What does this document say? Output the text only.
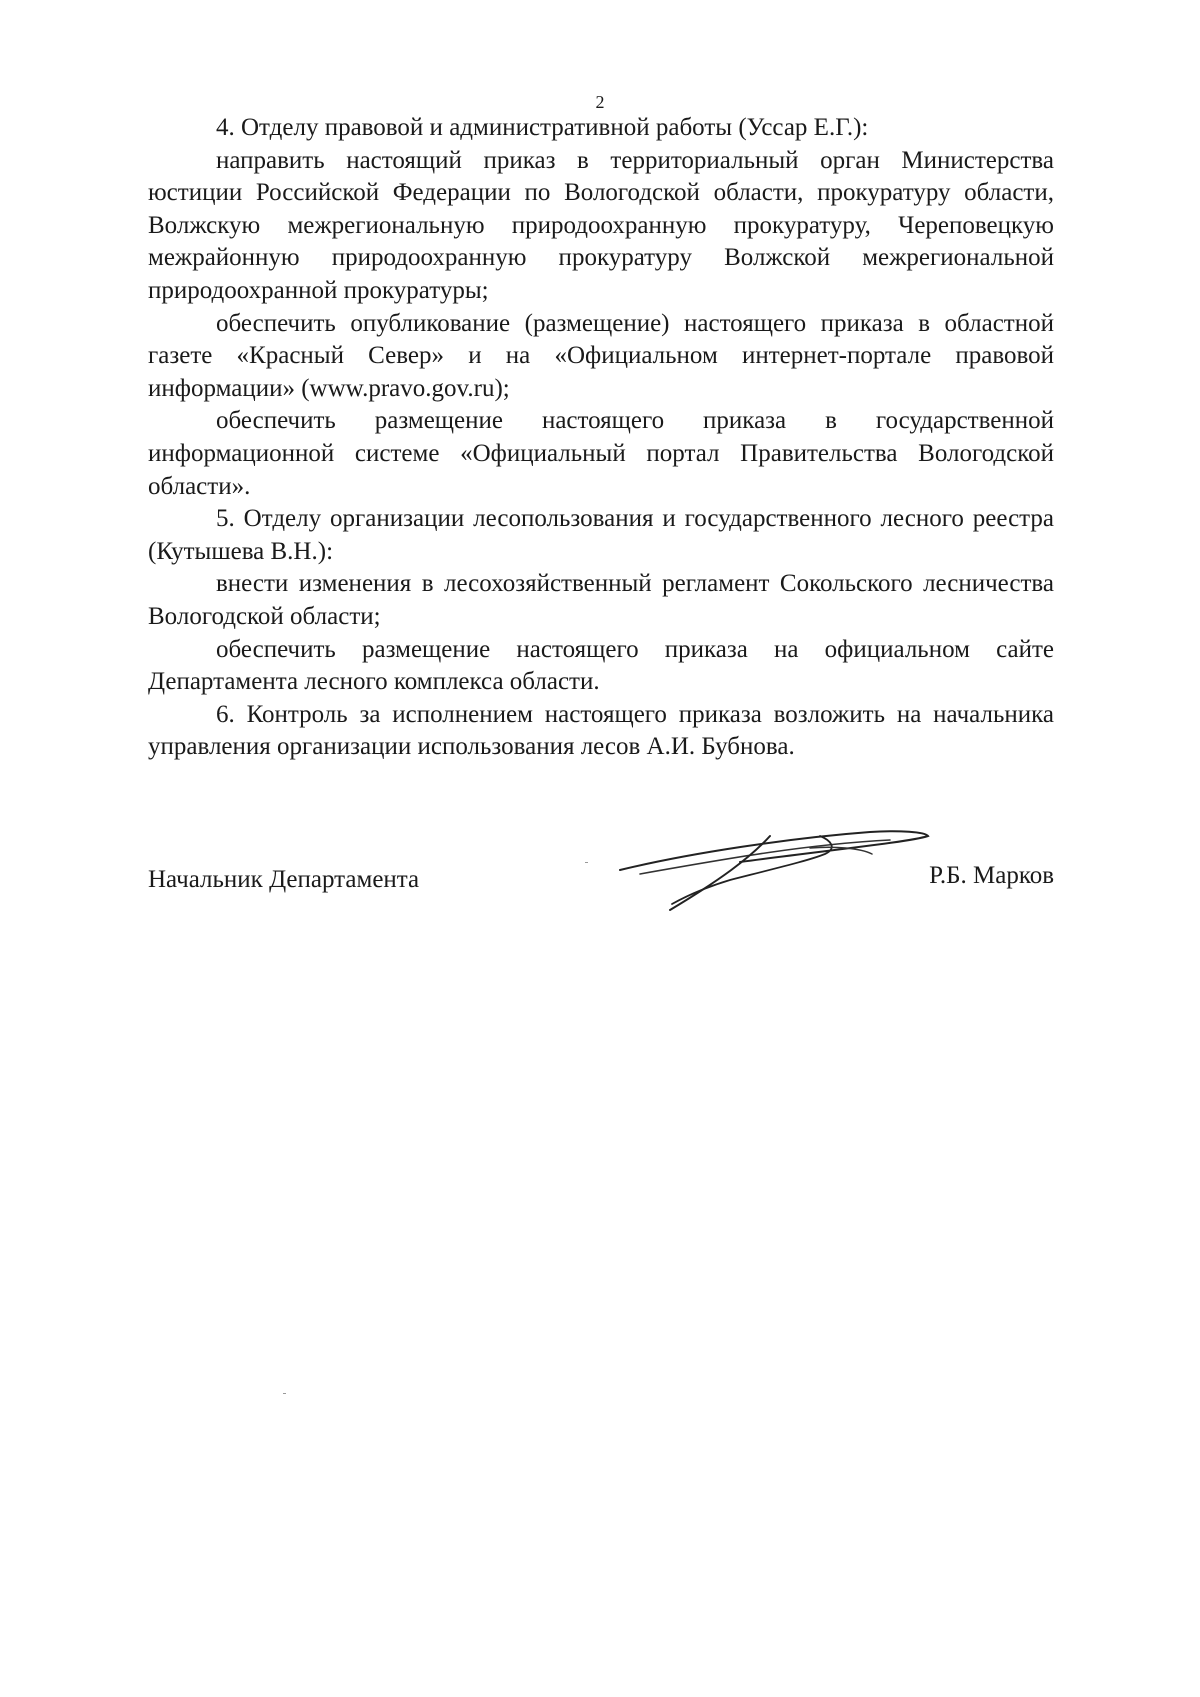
2

4. Отделу правовой и административной работы (Уссар Е.Г.):

направить настоящий приказ в территориальный орган Министерства юстиции Российской Федерации по Вологодской области, прокуратуру области, Волжскую межрегиональную природоохранную прокуратуру, Череповецкую межрайонную природоохранную прокуратуру Волжской межрегиональной природоохранной прокуратуры;

обеспечить опубликование (размещение) настоящего приказа в областной газете «Красный Север» и на «Официальном интернет-портале правовой информации» (www.pravo.gov.ru);

обеспечить размещение настоящего приказа в государственной информационной системе «Официальный портал Правительства Вологодской области».

5. Отделу организации лесопользования и государственного лесного реестра (Кутышева В.Н.):

внести изменения в лесохозяйственный регламент Сокольского лесничества Вологодской области;

обеспечить размещение настоящего приказа на официальном сайте Департамента лесного комплекса области.

6. Контроль за исполнением настоящего приказа возложить на начальника управления организации использования лесов А.И. Бубнова.

Начальник Департамента	Р.Б. Марков
